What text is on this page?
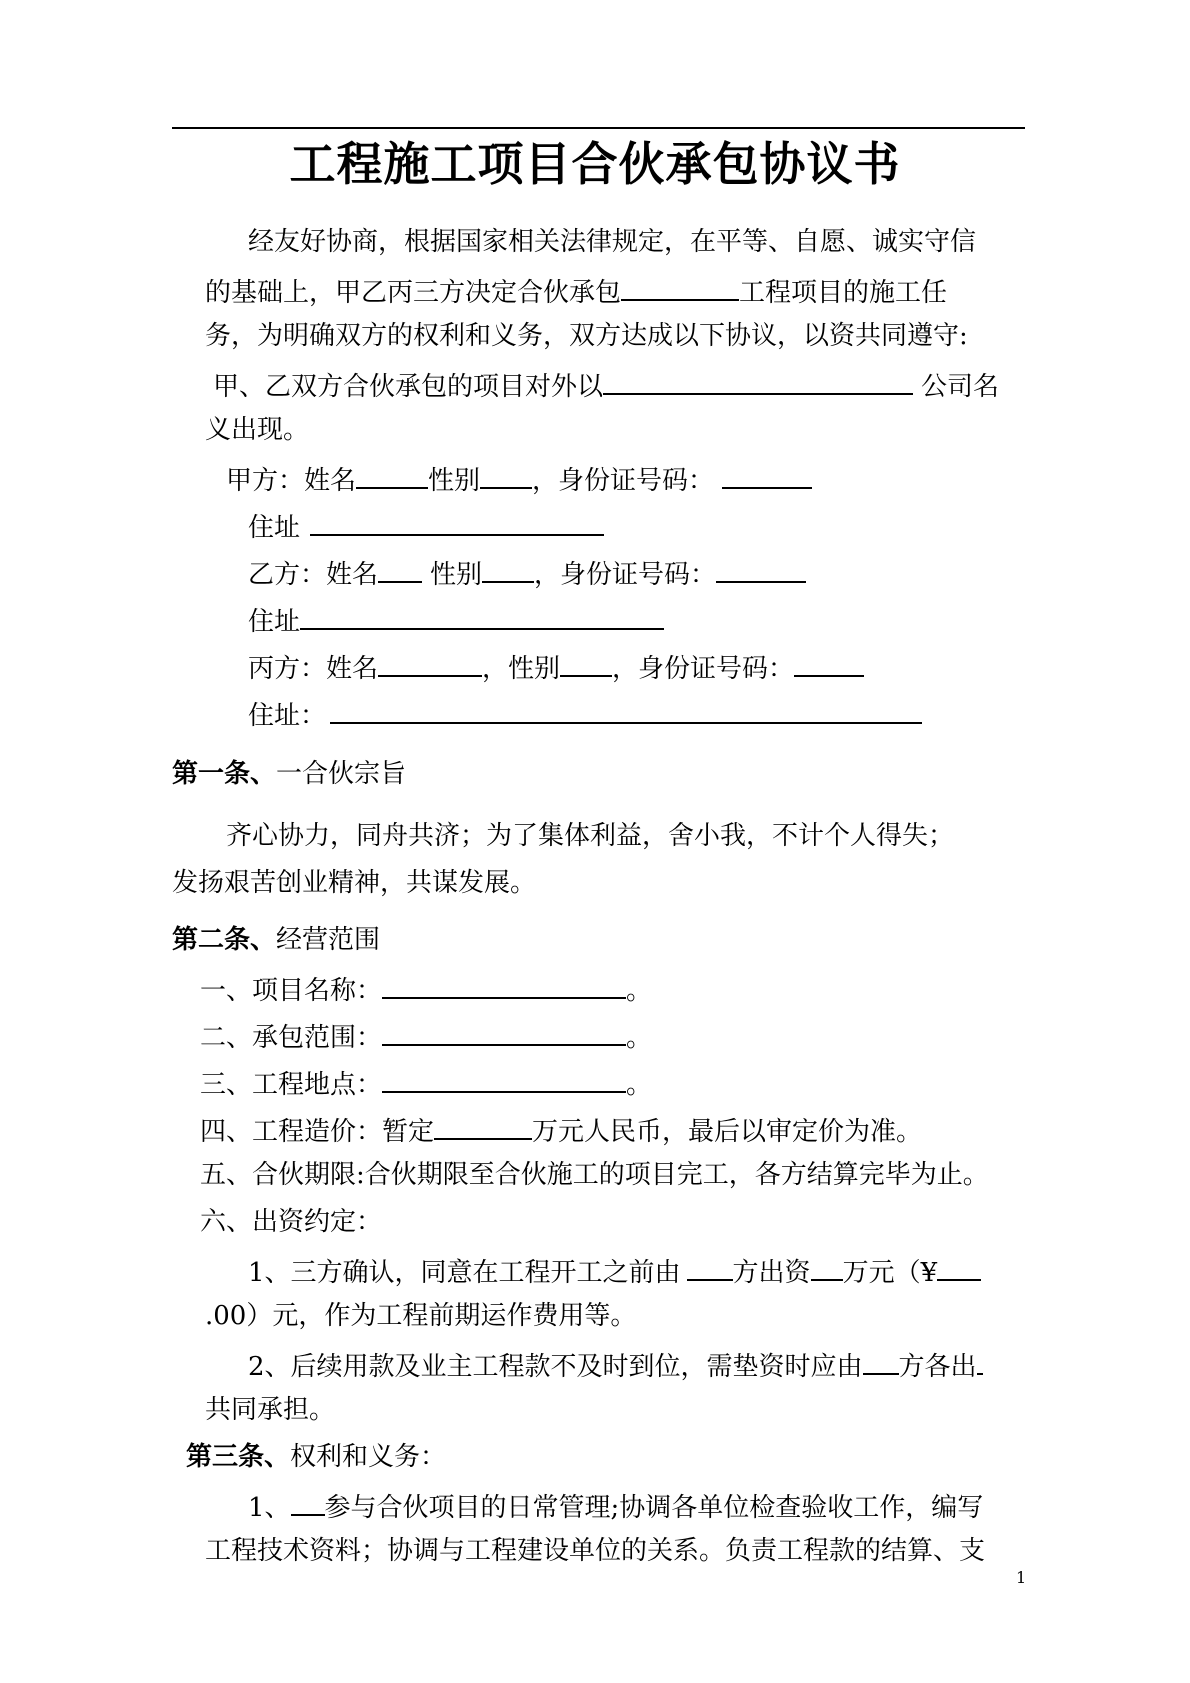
工程施工项目合伙承包协议书
经友好协商，根据国家相关法律规定，在平等、自愿、诚实守信
的基础上，甲乙丙三方决定合伙承包	工程项目的施工任
务，为明确双方的权利和义务，双方达成以下协议，以资共同遵守:
甲、乙双方合伙承包的项目对外以	公司名
义出现。
甲方：姓名	性别 ，身份证号码：
住址
乙方：姓名 性别 ，身份证号码：
住址
丙方：姓名	，性别 ，身份证号码：
住址：
第一条、一合伙宗旨
齐心协力，同舟共济；为了集体利益，舍小我，不计个人得失；
发扬艰苦创业精神，共谋发展。
第二条、经营范围
一、项目名称：	。
二、承包范围：	。
三、工程地点：	。
四、工程造价：暂定	万元人民币，最后以审定价为准。
五、合伙期限:合伙期限至合伙施工的项目完工，各方结算完毕为止。
六、出资约定：
1、三方确认，同意在工程开工之前由 方出资 万元（¥
.00）元，作为工程前期运作费用等。
2、后续用款及业主工程款不及时到位，需垫资时应由 方各出
共同承担。
第三条、权利和义务：
1、 参与合伙项目的日常管理;协调各单位检查验收工作，编写
工程技术资料；协调与工程建设单位的关系。负责工程款的结算、支
1
